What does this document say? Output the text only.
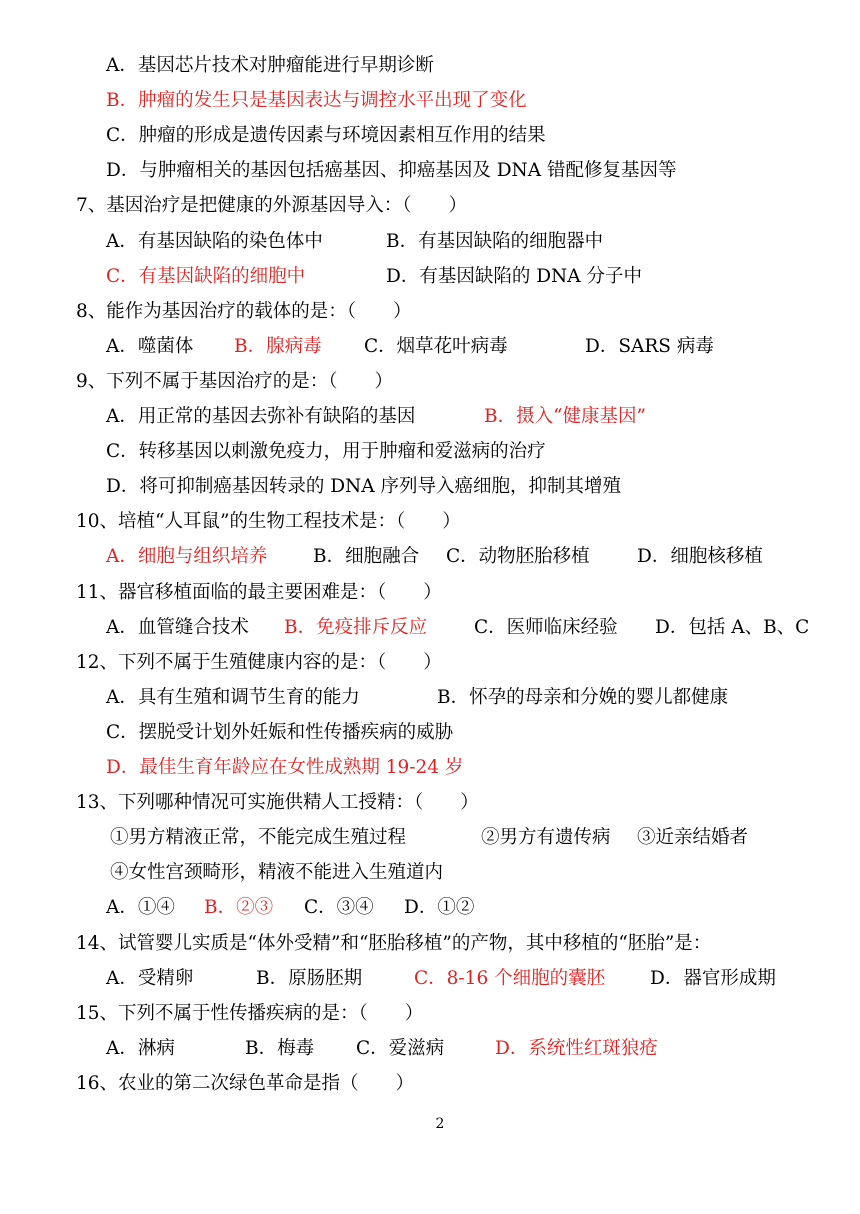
A．基因芯片技术对肿瘤能进行早期诊断
B．肿瘤的发生只是基因表达与调控水平出现了变化
C．肿瘤的形成是遗传因素与环境因素相互作用的结果
D．与肿瘤相关的基因包括癌基因、抑癌基因及 DNA 错配修复基因等
7、基因治疗是把健康的外源基因导入：（　　）
A．有基因缺陷的染色体中	B．有基因缺陷的细胞器中
C．有基因缺陷的细胞中	D．有基因缺陷的 DNA 分子中
8、能作为基因治疗的载体的是：（　　）
A．噬菌体 B．腺病毒 C．烟草花叶病毒	D．SARS 病毒
9、下列不属于基因治疗的是：（　　）
A．用正常的基因去弥补有缺陷的基因	B．摄入“健康基因”
C．转移基因以刺激免疫力，用于肿瘤和爱滋病的治疗
D．将可抑制癌基因转录的 DNA 序列导入癌细胞，抑制其增殖
10、培植“人耳鼠”的生物工程技术是：（　　）
A．细胞与组织培养 B．细胞融合 C．动物胚胎移植	D．细胞核移植
11、器官移植面临的最主要困难是：（　　）
A．血管缝合技术 B．免疫排斥反应	C．医师临床经验 D．包括 A、B、C
12、下列不属于生殖健康内容的是：（　　）
A．具有生殖和调节生育的能力	B．怀孕的母亲和分娩的婴儿都健康
C．摆脱受计划外妊娠和性传播疾病的威胁
D．最佳生育年龄应在女性成熟期 19-24 岁
13、下列哪种情况可实施供精人工授精：（　　）
①男方精液正常，不能完成生殖过程	②男方有遗传病 ③近亲结婚者
④女性宫颈畸形，精液不能进入生殖道内
A．①④ B．②③ C．③④ D．①②
14、试管婴儿实质是“体外受精”和“胚胎移植”的产物，其中移植的“胚胎”是：
A．受精卵	B．原肠胚期	C．8-16 个细胞的囊胚 D．器官形成期
15、下列不属于性传播疾病的是：（　　）
A．淋病	B．梅毒 C．爱滋病	D．系统性红斑狼疮
16、农业的第二次绿色革命是指（　　）
2
